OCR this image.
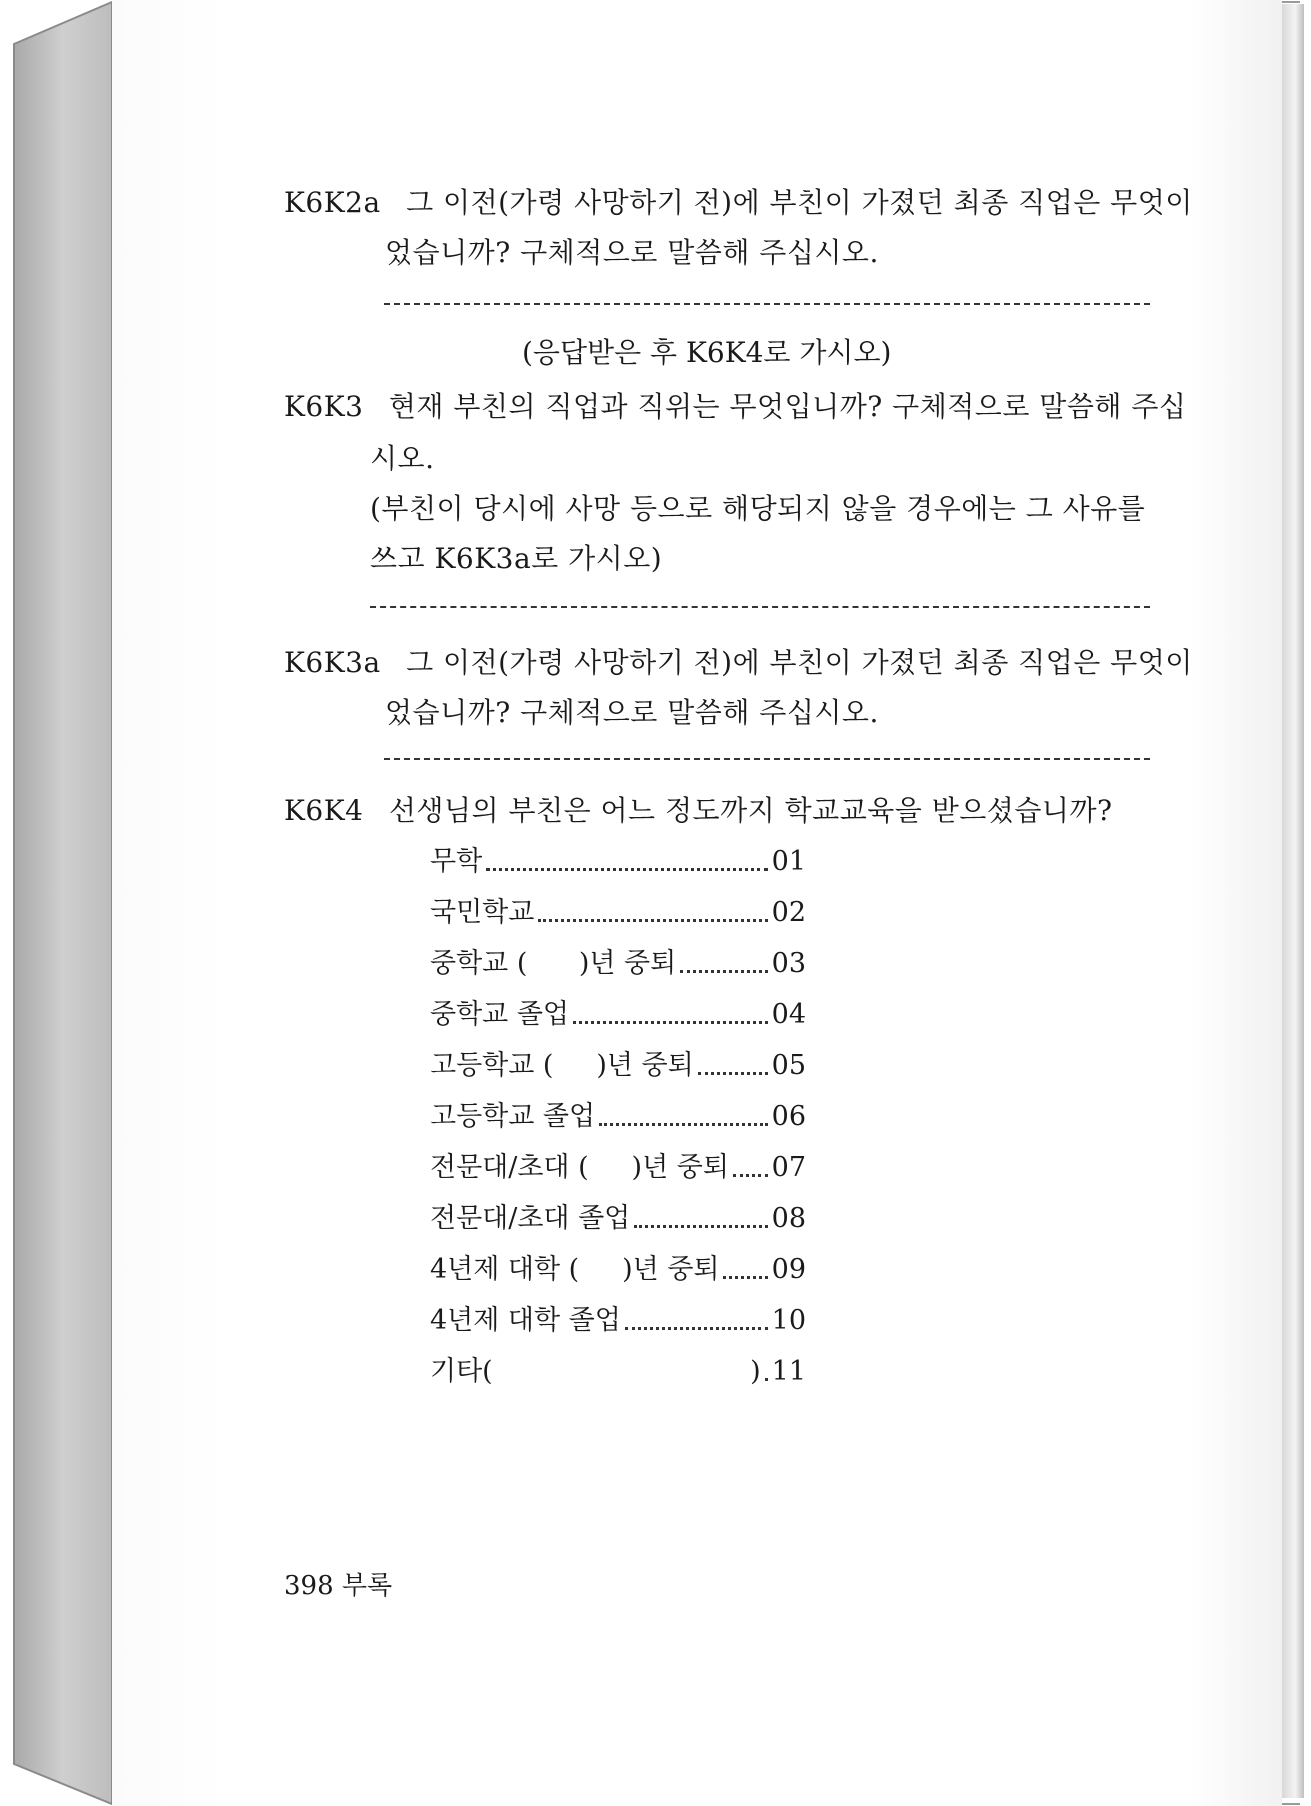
K6K2a 그 이전(가령 사망하기 전)에 부친이 가졌던 최종 직업은 무엇이
었습니까? 구체적으로 말씀해 주십시오.
(응답받은 후 K6K4로 가시오)
K6K3 현재 부친의 직업과 직위는 무엇입니까? 구체적으로 말씀해 주십
시오.
(부친이 당시에 사망 등으로 해당되지 않을 경우에는 그 사유를
쓰고 K6K3a로 가시오)
K6K3a 그 이전(가령 사망하기 전)에 부친이 가졌던 최종 직업은 무엇이
었습니까? 구체적으로 말씀해 주십시오.
K6K4 선생님의 부친은 어느 정도까지 학교교육을 받으셨습니까?
무학	01
국민학교	02
중학교 (      )년 중퇴	03
중학교 졸업	04
고등학교 (     )년 중퇴	05
고등학교 졸업	06
전문대/초대 (     )년 중퇴 07
전문대/초대 졸업	08
4년제 대학 (     )년 중퇴 09
4년제 대학 졸업	10
기타(                              ) 11
398 부록
